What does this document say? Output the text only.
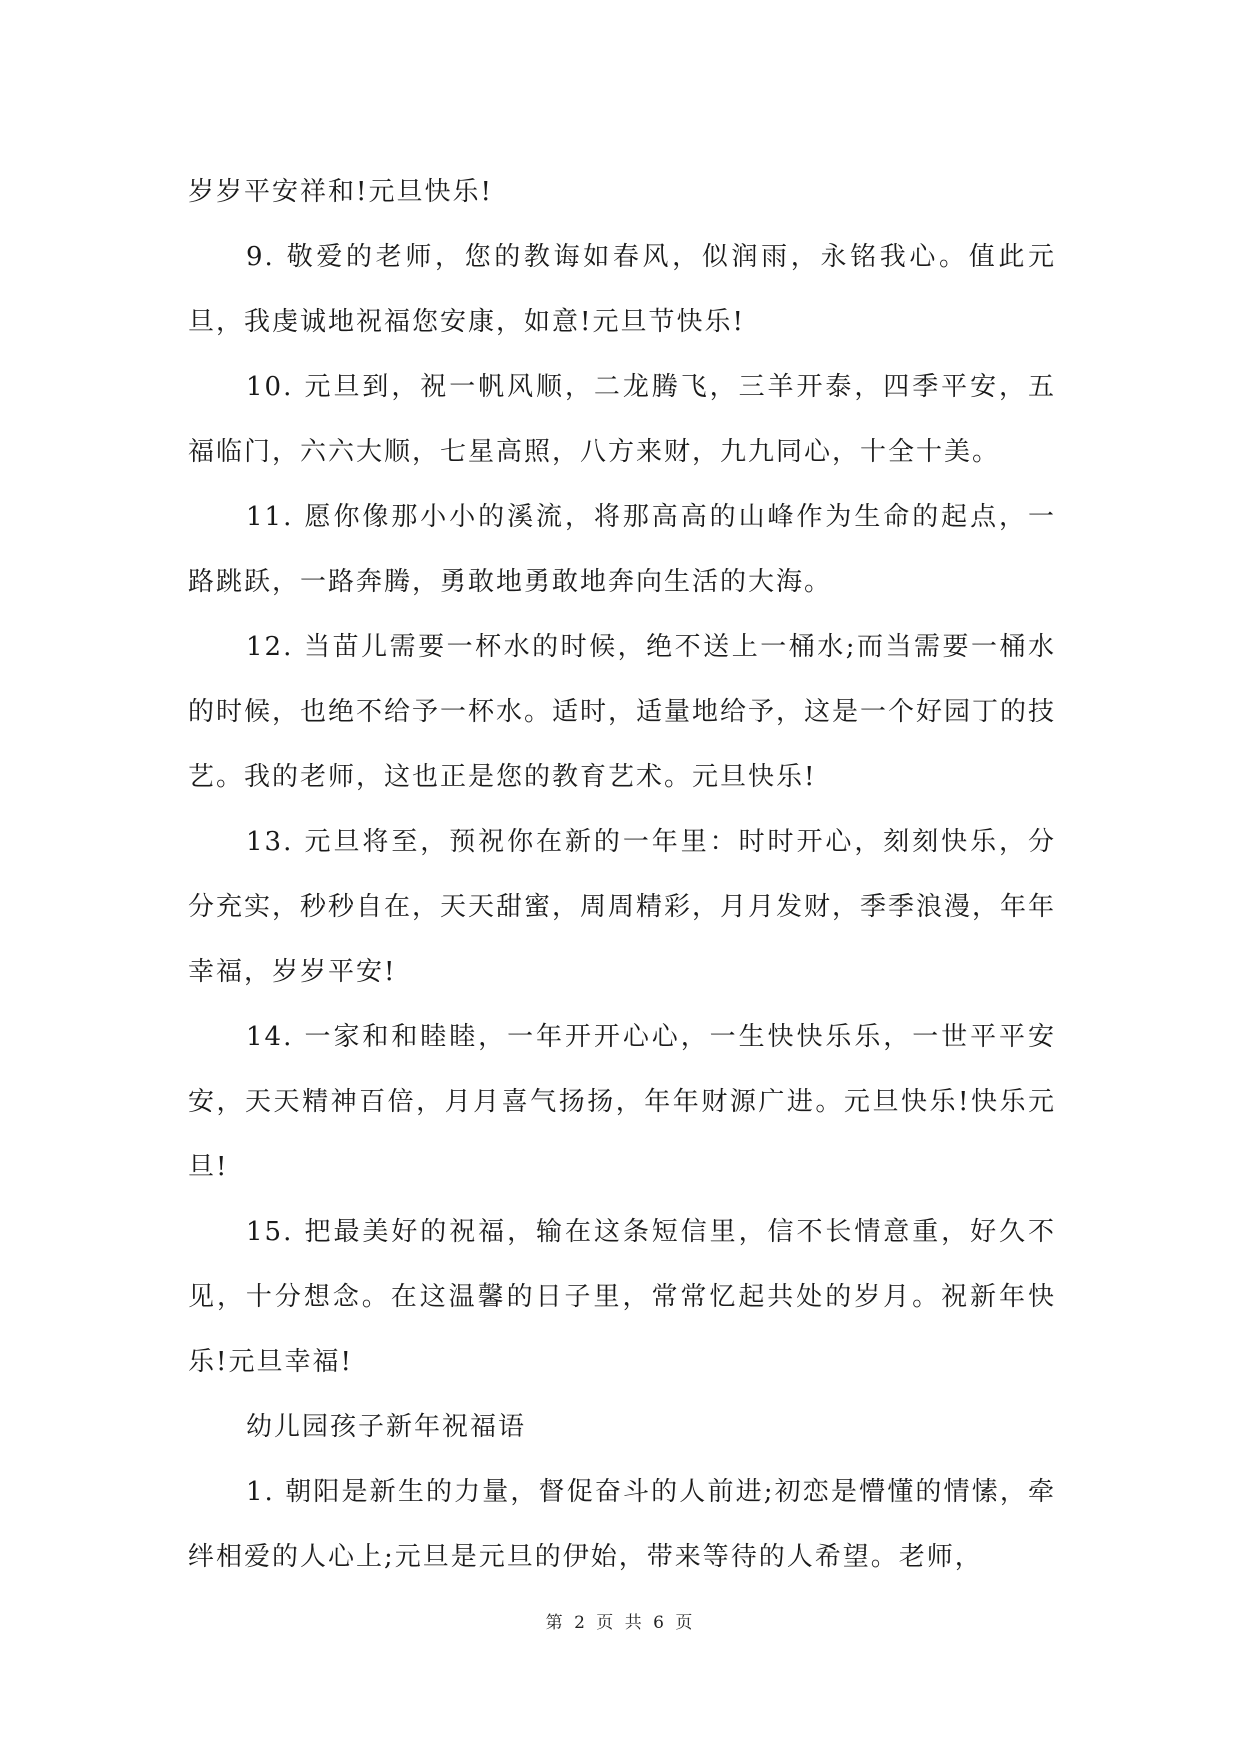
岁岁平安祥和!元旦快乐!

9. 敬爱的老师，您的教诲如春风，似润雨，永铭我心。值此元旦，我虔诚地祝福您安康，如意!元旦节快乐!

10. 元旦到，祝一帆风顺，二龙腾飞，三羊开泰，四季平安，五福临门，六六大顺，七星高照，八方来财，九九同心，十全十美。

11. 愿你像那小小的溪流，将那高高的山峰作为生命的起点，一路跳跃，一路奔腾，勇敢地勇敢地奔向生活的大海。

12. 当苗儿需要一杯水的时候，绝不送上一桶水;而当需要一桶水的时候，也绝不给予一杯水。适时，适量地给予，这是一个好园丁的技艺。我的老师，这也正是您的教育艺术。元旦快乐!

13. 元旦将至，预祝你在新的一年里：时时开心，刻刻快乐，分分充实，秒秒自在，天天甜蜜，周周精彩，月月发财，季季浪漫，年年幸福，岁岁平安!

14. 一家和和睦睦，一年开开心心，一生快快乐乐，一世平平安安，天天精神百倍，月月喜气扬扬，年年财源广进。元旦快乐!快乐元旦!

15. 把最美好的祝福，输在这条短信里，信不长情意重，好久不见，十分想念。在这温馨的日子里，常常忆起共处的岁月。祝新年快乐!元旦幸福!

幼儿园孩子新年祝福语

1. 朝阳是新生的力量，督促奋斗的人前进;初恋是懵懂的情愫，牵绊相爱的人心上;元旦是元旦的伊始，带来等待的人希望。老师，

第 2 页 共 6 页
